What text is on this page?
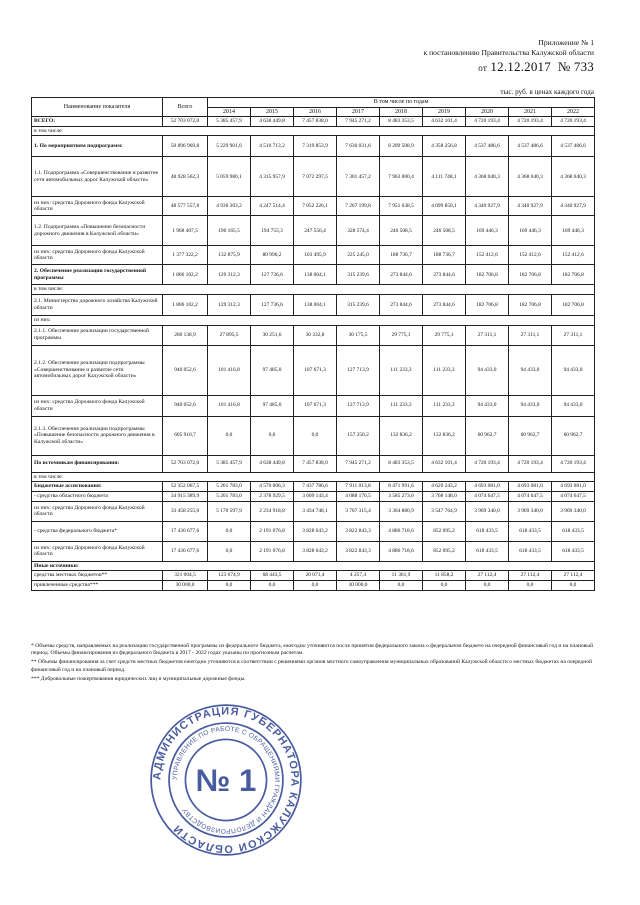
Приложение № 1
к постановлению Правительства Калужской области
от 12.12.2017 № 733
тыс. руб. в ценах каждого года
Наименование показателя	Всего	В том числе по годам								
		2014	2015	2016	2017	2018	2019	2020	2021	2022
ВСЕГО:	52 703 072,0	5 385 457,9	4 638 449,8	7 457 838,0	7 945 271,2	8 483 353,5	4 632 101,4	4 720 193,4	4 720 193,4	4 720 193,4
в том числе:										
1. По мероприятиям подпрограмм:	50 896 969,8	5 229 901,6	4 510 713,2	7 319 853,9	7 630 031,6	8 209 508,9	4 358 256,8	4 537 486,6	4 537 486,6	4 537 486,6
1.1. Подпрограмма «Совершенствование и развитие сети автомобильных дорог Калужской области»	48 928 562,3	5 059 980,1	4 315 957,9	7 072 297,5	7 301 457,2	7 963 000,4	4 111 748,1	4 368 040,3	4 368 040,3	4 368 040,3
из них: средства Дорожного фонда Калужской области	48 577 557,8	4 936 303,2	4 247 514,4	7 052 226,1	7 267 199,8	7 951 638,5	4 099 850,1	4 340 927,9	4 340 927,9	4 340 927,9
1.2. Подпрограмма «Повышение безопасности дорожного движения в Калужской области»	1 968 407,5	196 165,5	194 755,3	247 556,4	328 574,4	246 508,5	246 508,5	169 446,3	169 446,3	169 446,3
из них: средства Дорожного фонда Калужской области	1 377 322,2	132 875,9	80 996,2	103 495,9	225 245,0	188 736,7	188 736,7	152 412,6	152 412,6	152 412,6
2. Обеспечение реализации государственной программы	1 806 102,2	129 312,3	127 736,6	138 004,1	315 239,6	273 844,6	273 844,6	182 706,8	182 706,8	182 706,8
в том числе:										
2.1. Министерство дорожного хозяйства Калужской области	1 806 102,2	129 312,3	127 736,6	138 004,1	315 239,6	273 844,6	273 844,6	182 706,8	182 706,8	182 706,8
из них:										
2.1.1. Обеспечение реализации государственной программы	260 138,9	27 895,5	30 251,6	30 332,8	30 175,5	29 775,1	29 775,1	27 311,1	27 311,1	27 311,1
2.1.2. Обеспечение реализации подпрограммы «Совершенствование и развитие сети автомобильных дорог Калужской области»	940 052,6	101 416,8	97 485,0	107 671,3	127 713,9	111 233,3	111 233,3	94 433,0	94 433,0	94 433,0
из них: средства Дорожного фонда Калужской области	940 052,6	101 416,8	97 485,0	107 671,3	127 713,9	111 233,3	111 233,3	94 433,0	94 433,0	94 433,0
2.1.3. Обеспечение реализации подпрограммы «Повышение безопасности дорожного движения в Калужской области»	605 910,7	0,0	0,0	0,0	157 350,2	132 836,2	132 836,2	60 962,7	60 962,7	60 962,7
По источникам финансирования:	52 703 072,0	5 385 457,9	4 638 449,8	7 457 838,0	7 945 271,2	8 483 353,5	4 632 101,4	4 720 193,4	4 720 193,4	4 720 193,4
в том числе:										
Бюджетные ассигнования:	52 352 067,5	5 261 783,0	4 570 006,3	7 437 786,6	7 911 013,8	8 471 991,6	4 620 243,2	4 693 081,0	4 693 081,0	4 693 081,0
- средства областного бюджета	34 915 389,9	5 261 783,0	2 378 929,5	3 609 143,4	4 088 170,5	3 585 273,0	3 768 148,0	4 074 647,5	4 074 647,5	4 074 647,5
из них: средства Дорожного фонда Калужской области	33 458 255,0	5 170 597,9	2 234 918,8	3 434 748,1	3 707 315,4	3 364 880,9	3 547 764,9	3 969 340,0	3 969 340,0	3 969 340,0
- средства федерального бюджета*	17 436 677,6	0,0	2 191 076,8	3 828 643,2	3 822 843,3	4 886 718,6	852 095,2	618 433,5	618 433,5	618 433,5
из них: средства Дорожного фонда Калужской области	17 436 677,6	0,0	2 191 076,8	3 828 643,2	3 822 843,3	4 886 718,6	852 095,2	618 433,5	618 433,5	618 433,5
Иные источники:										
средства местных бюджетов**	321 004,5	123 674,9	68 443,5	20 071,4	4 257,4	11 361,9	11 858,2	27 112,4	27 112,4	27 112,4
привлеченные средства***	30 000,0	0,0	0,0	0,0	30 000,0	0,0	0,0	0,0	0,0	0,0

* Объемы средств, направляемых на реализацию государственной программы из федерального бюджета, ежегодно уточняются после принятия федерального закона о федеральном бюджете на очередной финансовый год и на плановый период. Объемы финансирования из федерального бюджета в 2017 - 2022 годах указаны по прогнозным расчетам.

** Объемы финансирования за счет средств местных бюджетов ежегодно уточняются в соответствии с решениями органов местного самоуправления муниципальных образований Калужской области о местных бюджетах на очередной финансовый год и на плановый период.

*** Добровольные пожертвования юридических лиц и муниципальные дорожные фонды.

АДМИНИСТРАЦИЯ ГУБЕРНАТОРА КАЛУЖСКОЙ ОБЛАСТИ
УПРАВЛЕНИЕ ПО РАБОТЕ С ОБРАЩЕНИЯМИ ГРАЖДАН И ДЕЛОПРОИЗВОДСТВУ
№ 1
